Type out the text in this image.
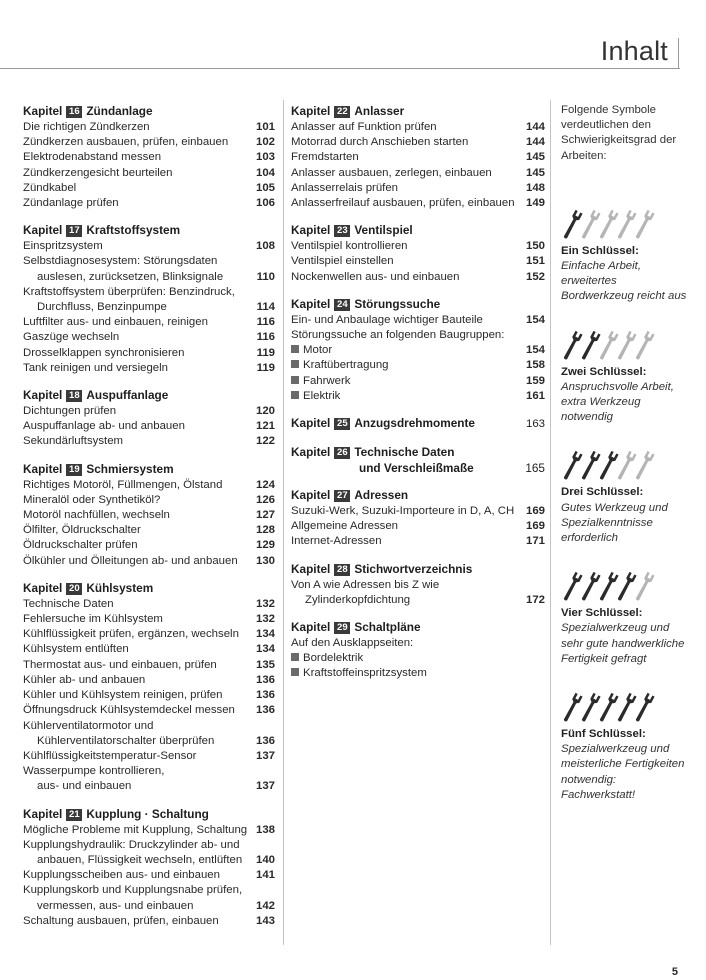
Inhalt
Kapitel 16 Zündanlage
Die richtigen Zündkerzen	101
Zündkerzen ausbauen, prüfen, einbauen	102
Elektrodenabstand messen	103
Zündkerzengesicht beurteilen	104
Zündkabel	105
Zündanlage prüfen	106
Kapitel 17 Kraftstoffsystem
Einspritzsystem	108
Selbstdiagnosesystem: Störungsdaten
auslesen, zurücksetzen, Blinksignale	110
Kraftstoffsystem überprüfen: Benzindruck,
Durchfluss, Benzinpumpe	114
Luftfilter aus- und einbauen, reinigen	116
Gaszüge wechseln	116
Drosselklappen synchronisieren	119
Tank reinigen und versiegeln	119
Kapitel 18 Auspuffanlage
Dichtungen prüfen	120
Auspuffanlage ab- und anbauen	121
Sekundärluftsystem	122
Kapitel 19 Schmiersystem
Richtiges Motoröl, Füllmengen, Ölstand	124
Mineralöl oder Synthetiköl?	126
Motoröl nachfüllen, wechseln	127
Ölfilter, Öldruckschalter	128
Öldruckschalter prüfen	129
Ölkühler und Ölleitungen ab- und anbauen	130
Kapitel 20 Kühlsystem
Technische Daten	132
Fehlersuche im Kühlsystem	132
Kühlflüssigkeit prüfen, ergänzen, wechseln	134
Kühlsystem entlüften	134
Thermostat aus- und einbauen, prüfen	135
Kühler ab- und anbauen	136
Kühler und Kühlsystem reinigen, prüfen	136
Öffnungsdruck Kühlsystemdeckel messen	136
Kühlerventilatormotor und
Kühlerventilatorschalter überprüfen	136
Kühlflüssigkeitstemperatur-Sensor	137
Wasserpumpe kontrollieren,
aus- und einbauen	137
Kapitel 21 Kupplung · Schaltung
Mögliche Probleme mit Kupplung, Schaltung 138
Kupplungshydraulik: Druckzylinder ab- und
anbauen, Flüssigkeit wechseln, entlüften	140
Kupplungsscheiben aus- und einbauen	141
Kupplungskorb und Kupplungsnabe prüfen,
vermessen, aus- und einbauen	142
Schaltung ausbauen, prüfen, einbauen	143
Kapitel 22 Anlasser
Anlasser auf Funktion prüfen	144
Motorrad durch Anschieben starten	144
Fremdstarten	145
Anlasser ausbauen, zerlegen, einbauen	145
Anlasserrelais prüfen	148
Anlasserfreilauf ausbauen, prüfen, einbauen	149
Kapitel 23 Ventilspiel
Ventilspiel kontrollieren	150
Ventilspiel einstellen	151
Nockenwellen aus- und einbauen	152
Kapitel 24 Störungssuche
Ein- und Anbaulage wichtiger Bauteile	154
Störungssuche an folgenden Baugruppen:
Motor	154
Kraftübertragung	158
Fahrwerk	159
Elektrik	161
Kapitel 25 Anzugsdrehmomente	163
Kapitel 26 Technische Daten
und Verschleißmaße	165
Kapitel 27 Adressen
Suzuki-Werk, Suzuki-Importeure in D, A, CH	169
Allgemeine Adressen	169
Internet-Adressen	171
Kapitel 28 Stichwortverzeichnis
Von A wie Adressen bis Z wie
Zylinderkopfdichtung	172
Kapitel 29 Schaltpläne
Auf den Ausklappseiten:
Bordelektrik
Kraftstoffeinspritzsystem
Folgende Symbole verdeutlichen den Schwierigkeitsgrad der Arbeiten:
Ein Schlüssel:
Einfache Arbeit, erweitertes Bordwerkzeug reicht aus
Zwei Schlüssel:
Anspruchsvolle Arbeit, extra Werkzeug notwendig
Drei Schlüssel:
Gutes Werkzeug und Spezialkenntnisse erforderlich
Vier Schlüssel:
Spezialwerkzeug und sehr gute handwerkliche Fertigkeit gefragt
Fünf Schlüssel:
Spezialwerkzeug und meisterliche Fertigkeiten notwendig: Fachwerkstatt!
5
